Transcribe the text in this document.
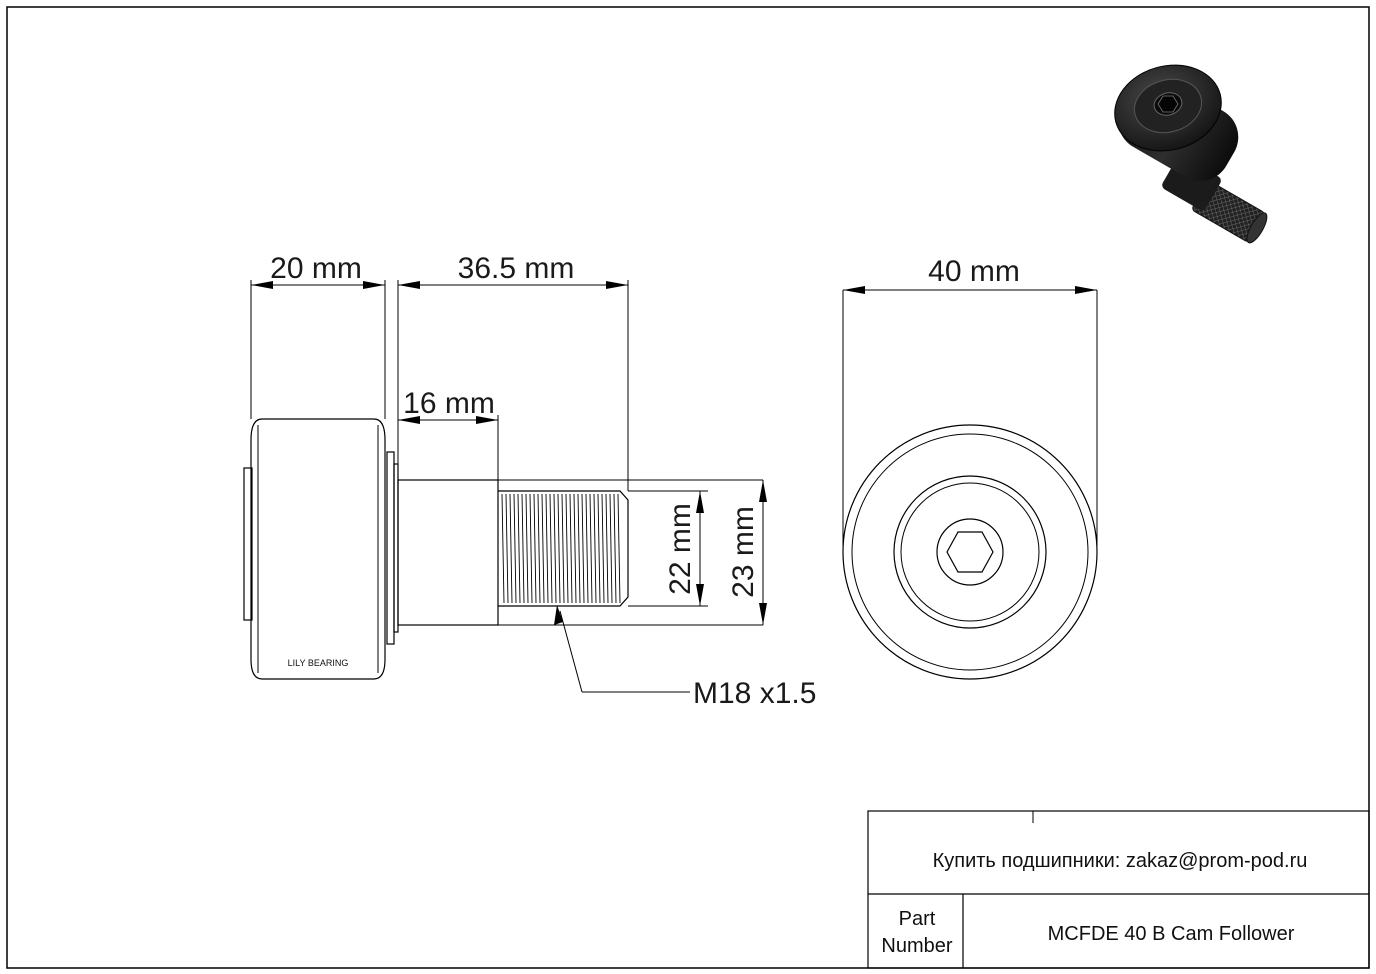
LILY BEARING
20 mm	36.5 mm
16 mm
22 mm 23 mm
M18 x1.5
40 mm
Купить подшипники: zakaz@prom-pod.ru
Part
Number
MCFDE 40 B Cam Follower
